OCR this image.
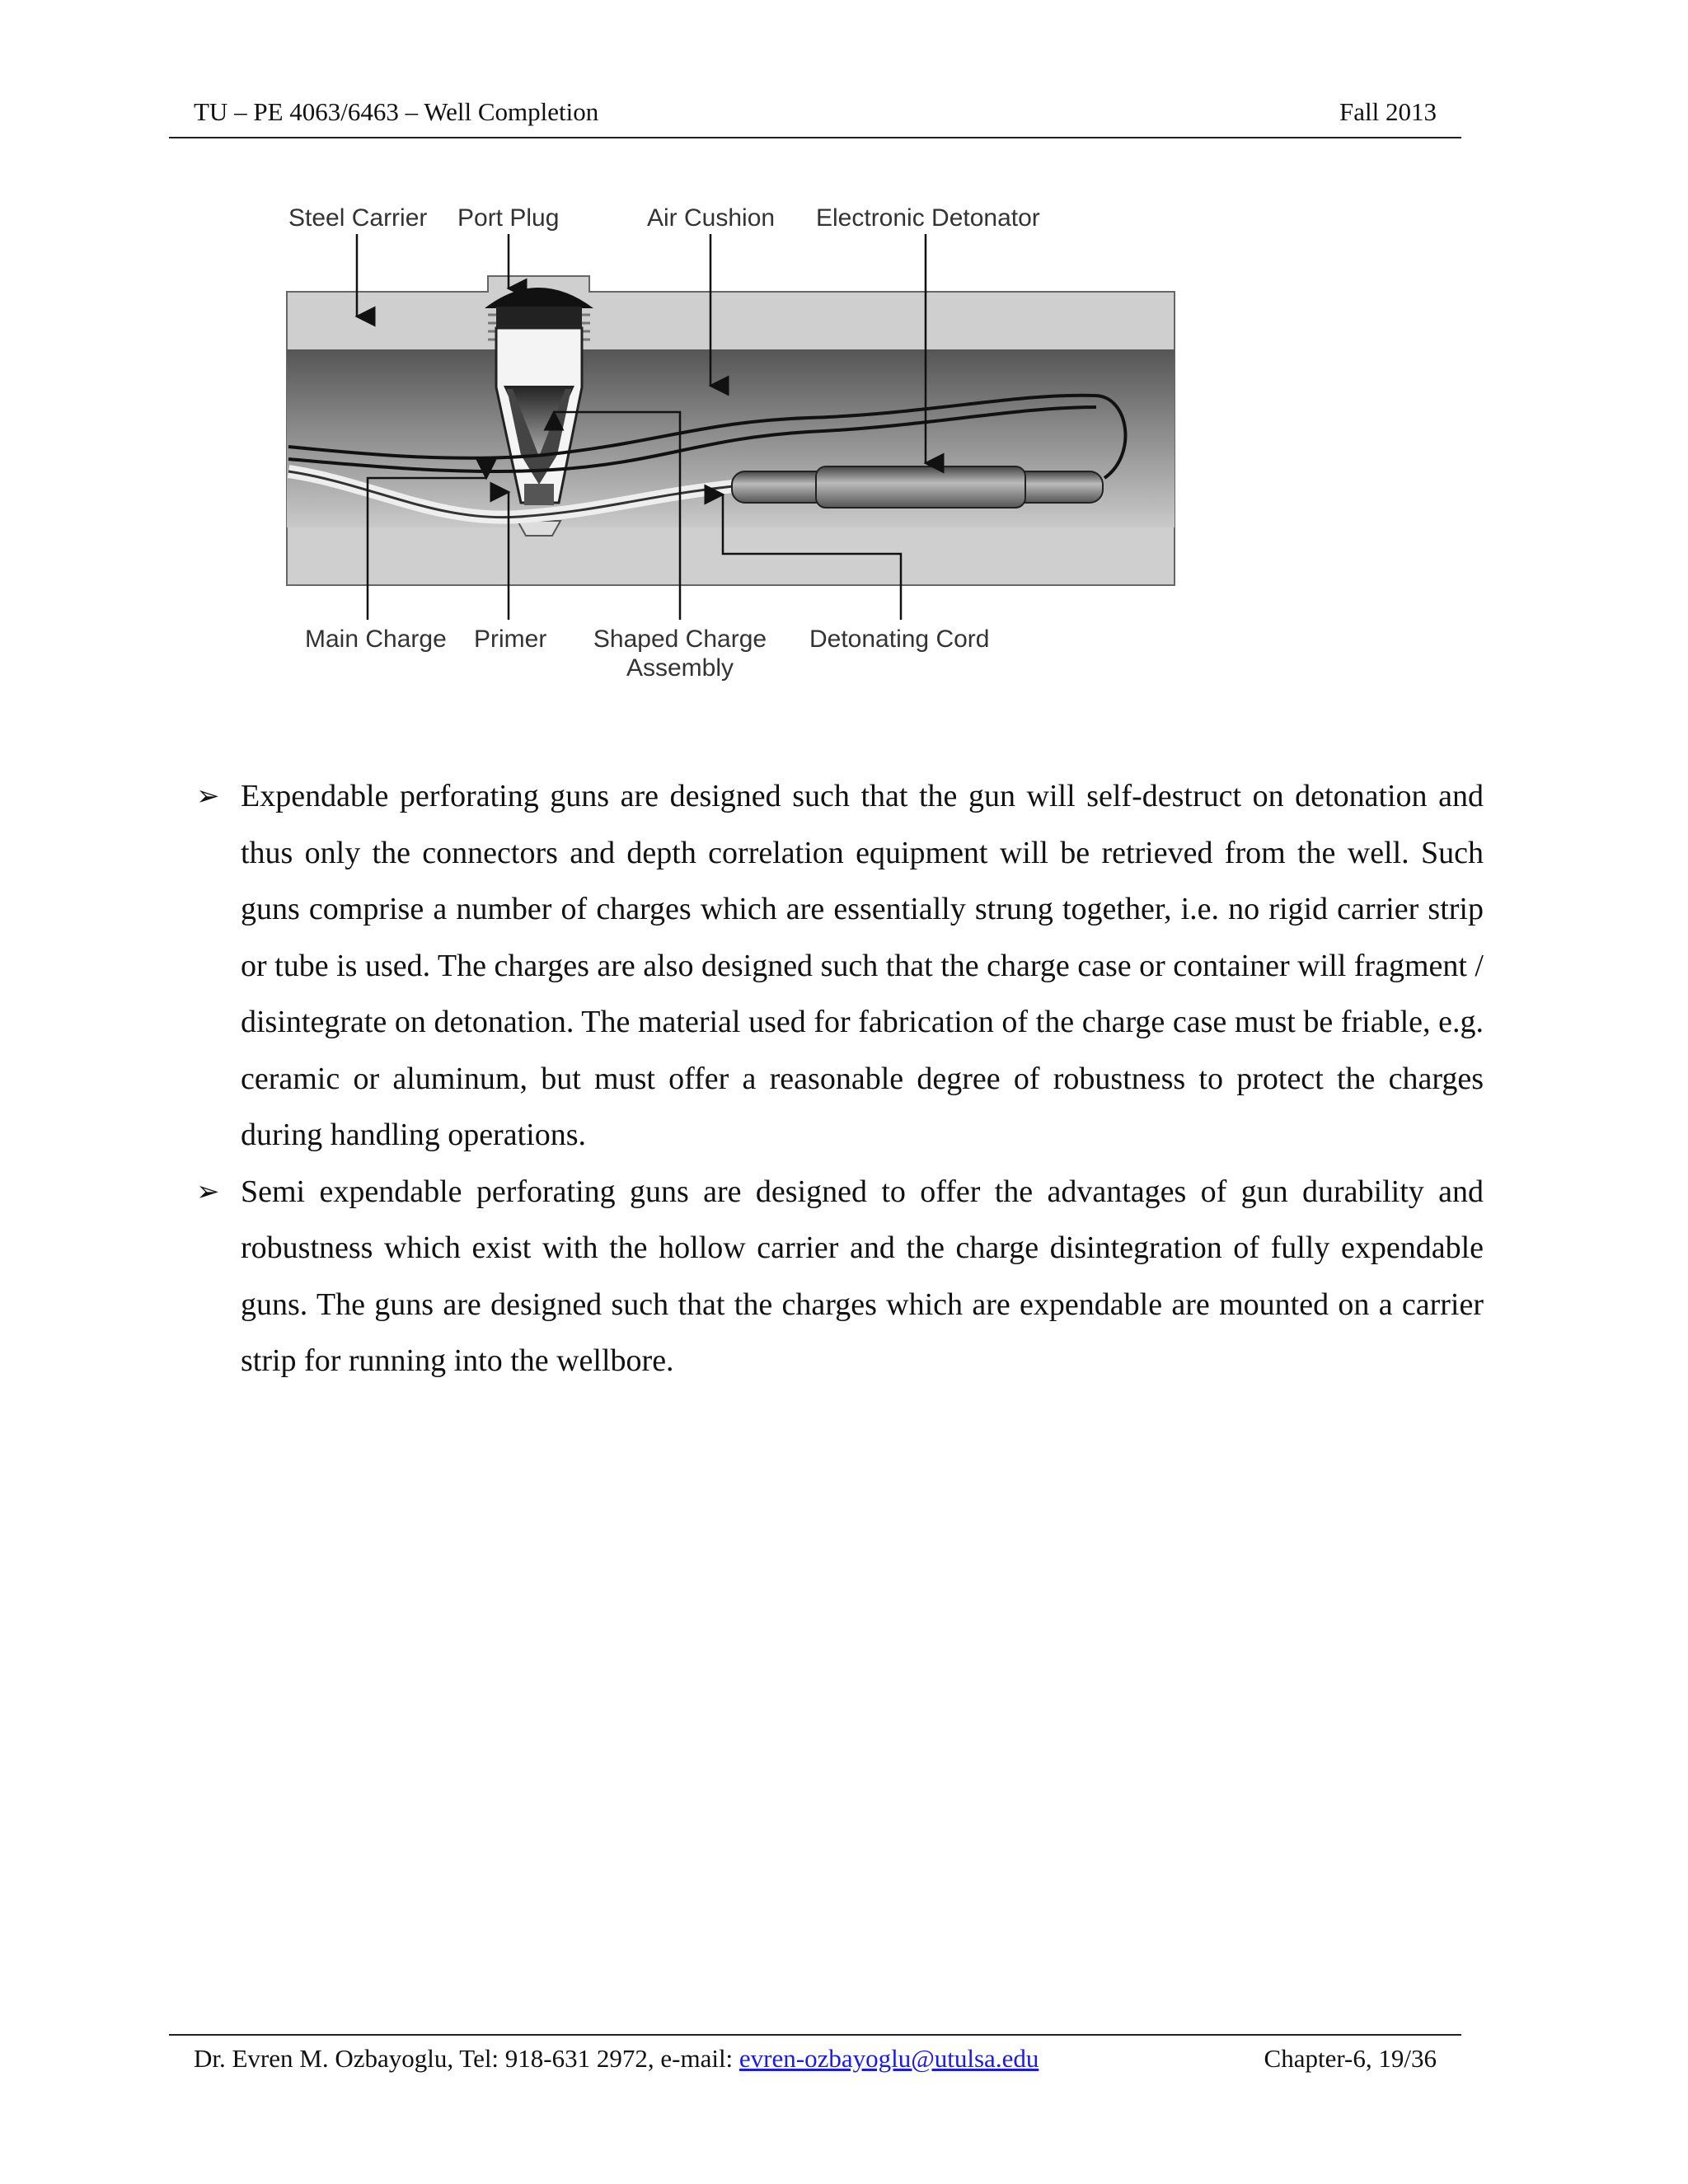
TU – PE 4063/6463 – Well Completion	Fall 2013
Steel Carrier Port Plug	Air Cushion Electronic Detonator
Main Charge Primer Shaped Charge
Assembly
Detonating Cord
➢ Expendable perforating guns are designed such that the gun will self-destruct on detonation and thus only the connectors and depth correlation equipment will be retrieved from the well. Such guns comprise a number of charges which are essentially strung together, i.e. no rigid carrier strip or tube is used. The charges are also designed such that the charge case or container will fragment / disintegrate on detonation. The material used for fabrication of the charge case must be friable, e.g. ceramic or aluminum, but must offer a reasonable degree of robustness to protect the charges during handling operations.
➢ Semi expendable perforating guns are designed to offer the advantages of gun durability and robustness which exist with the hollow carrier and the charge disintegration of fully expendable guns. The guns are designed such that the charges which are expendable are mounted on a carrier strip for running into the wellbore.
Dr. Evren M. Ozbayoglu, Tel: 918-631 2972, e-mail: evren-ozbayoglu@utulsa.edu	Chapter-6, 19/36
